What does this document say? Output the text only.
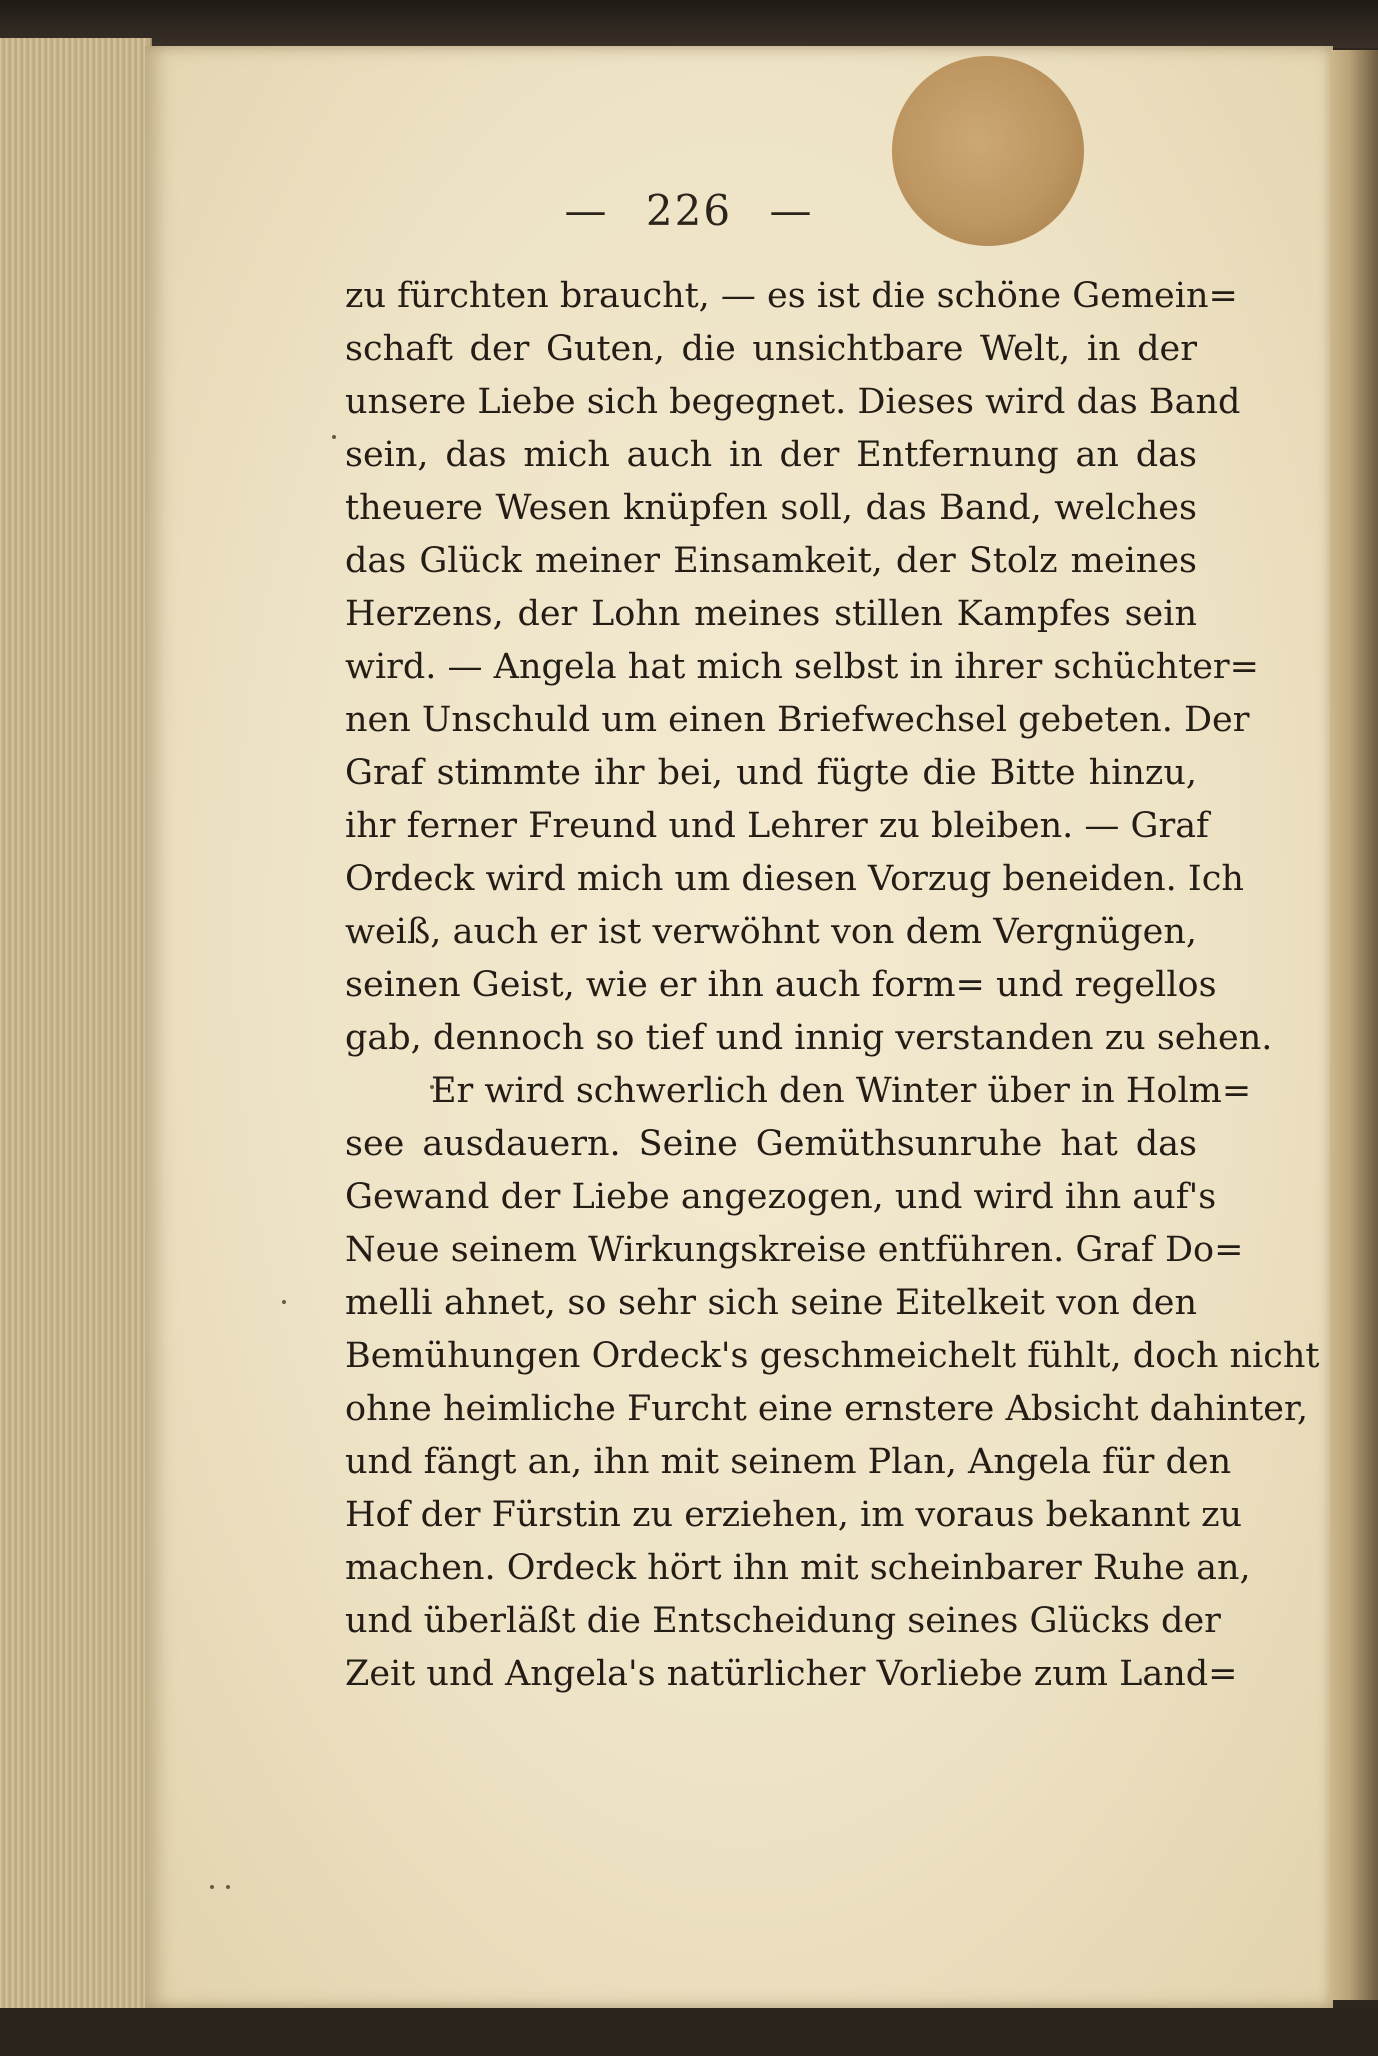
— 226 —
zu fürchten braucht, — es ist die schöne Gemein=
schaft der Guten, die unsichtbare Welt, in der
unsere Liebe sich begegnet. Dieses wird das Band
sein, das mich auch in der Entfernung an das
theuere Wesen knüpfen soll, das Band, welches
das Glück meiner Einsamkeit, der Stolz meines
Herzens, der Lohn meines stillen Kampfes sein
wird. — Angela hat mich selbst in ihrer schüchter=
nen Unschuld um einen Briefwechsel gebeten. Der
Graf stimmte ihr bei, und fügte die Bitte hinzu,
ihr ferner Freund und Lehrer zu bleiben. — Graf
Ordeck wird mich um diesen Vorzug beneiden. Ich
weiß, auch er ist verwöhnt von dem Vergnügen,
seinen Geist, wie er ihn auch form= und regellos
gab, dennoch so tief und innig verstanden zu sehen.
Er wird schwerlich den Winter über in Holm=
see ausdauern. Seine Gemüthsunruhe hat das
Gewand der Liebe angezogen, und wird ihn auf's
Neue seinem Wirkungskreise entführen. Graf Do=
melli ahnet, so sehr sich seine Eitelkeit von den
Bemühungen Ordeck's geschmeichelt fühlt, doch nicht
ohne heimliche Furcht eine ernstere Absicht dahinter,
und fängt an, ihn mit seinem Plan, Angela für den
Hof der Fürstin zu erziehen, im voraus bekannt zu
machen. Ordeck hört ihn mit scheinbarer Ruhe an,
und überläßt die Entscheidung seines Glücks der
Zeit und Angela's natürlicher Vorliebe zum Land=
